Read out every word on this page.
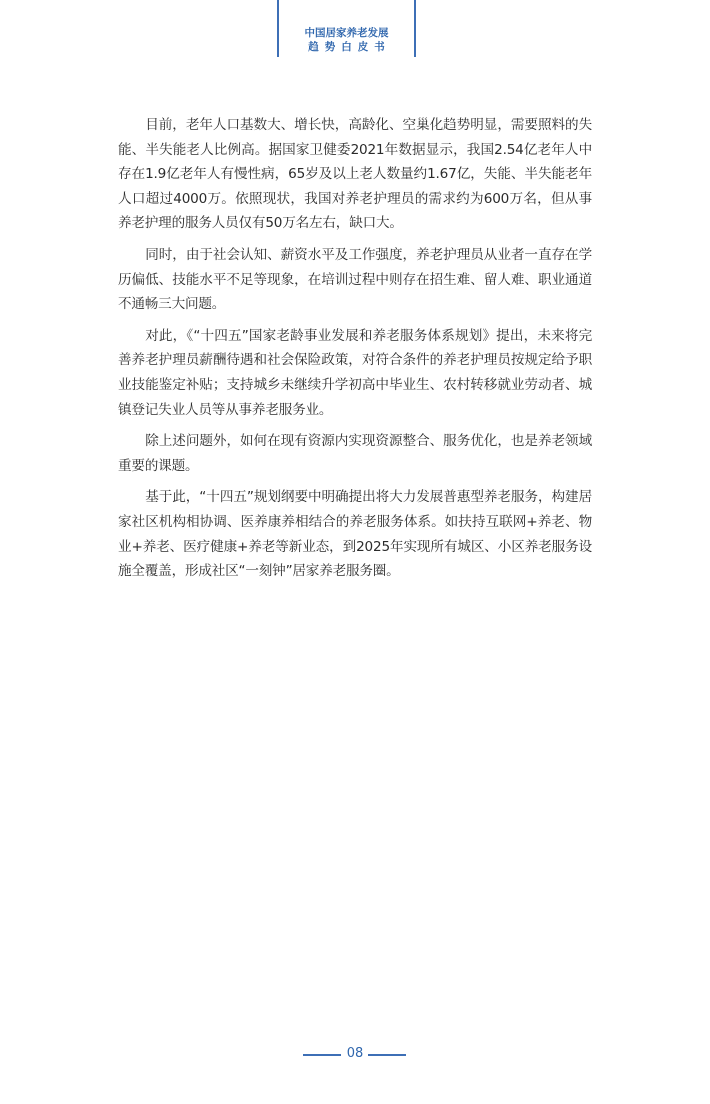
中国居家养老发展
趋势白皮书

目前，老年人口基数大、增长快，高龄化、空巢化趋势明显，需要照料的失能、半失能老人比例高。据国家卫健委2021年数据显示，我国2.54亿老年人中存在1.9亿老年人有慢性病，65岁及以上老人数量约1.67亿，失能、半失能老年人口超过4000万。依照现状，我国对养老护理员的需求约为600万名，但从事养老护理的服务人员仅有50万名左右，缺口大。

同时，由于社会认知、薪资水平及工作强度，养老护理员从业者一直存在学历偏低、技能水平不足等现象，在培训过程中则存在招生难、留人难、职业通道不通畅三大问题。

对此，《“十四五”国家老龄事业发展和养老服务体系规划》提出，未来将完善养老护理员薪酬待遇和社会保险政策，对符合条件的养老护理员按规定给予职业技能鉴定补贴；支持城乡未继续升学初高中毕业生、农村转移就业劳动者、城镇登记失业人员等从事养老服务业。

除上述问题外，如何在现有资源内实现资源整合、服务优化，也是养老领域重要的课题。

基于此，“十四五”规划纲要中明确提出将大力发展普惠型养老服务，构建居家社区机构相协调、医养康养相结合的养老服务体系。如扶持互联网+养老、物业+养老、医疗健康+养老等新业态，到2025年实现所有城区、小区养老服务设施全覆盖，形成社区“一刻钟”居家养老服务圈。

08
